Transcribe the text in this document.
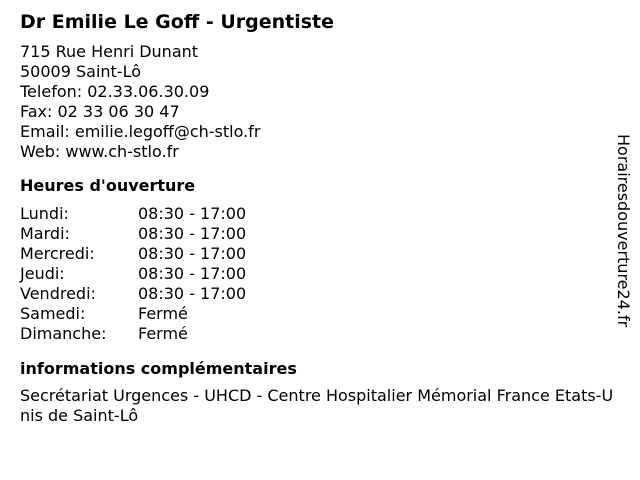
Dr Emilie Le Goff - Urgentiste
715 Rue Henri Dunant
50009 Saint-Lô
Telefon: 02.33.06.30.09
Fax: 02 33 06 30 47
Email: emilie.legoff@ch-stlo.fr
Web: www.ch-stlo.fr
Heures d'ouverture
Lundi:	08:30 - 17:00
Mardi:	08:30 - 17:00
Mercredi:	08:30 - 17:00
Jeudi:	08:30 - 17:00
Vendredi:	08:30 - 17:00
Samedi:	Fermé
Dimanche:	Fermé
informations complémentaires
Secrétariat Urgences - UHCD - Centre Hospitalier Mémorial France Etats-Unis de Saint-Lô
Horairesdouverture24.fr
